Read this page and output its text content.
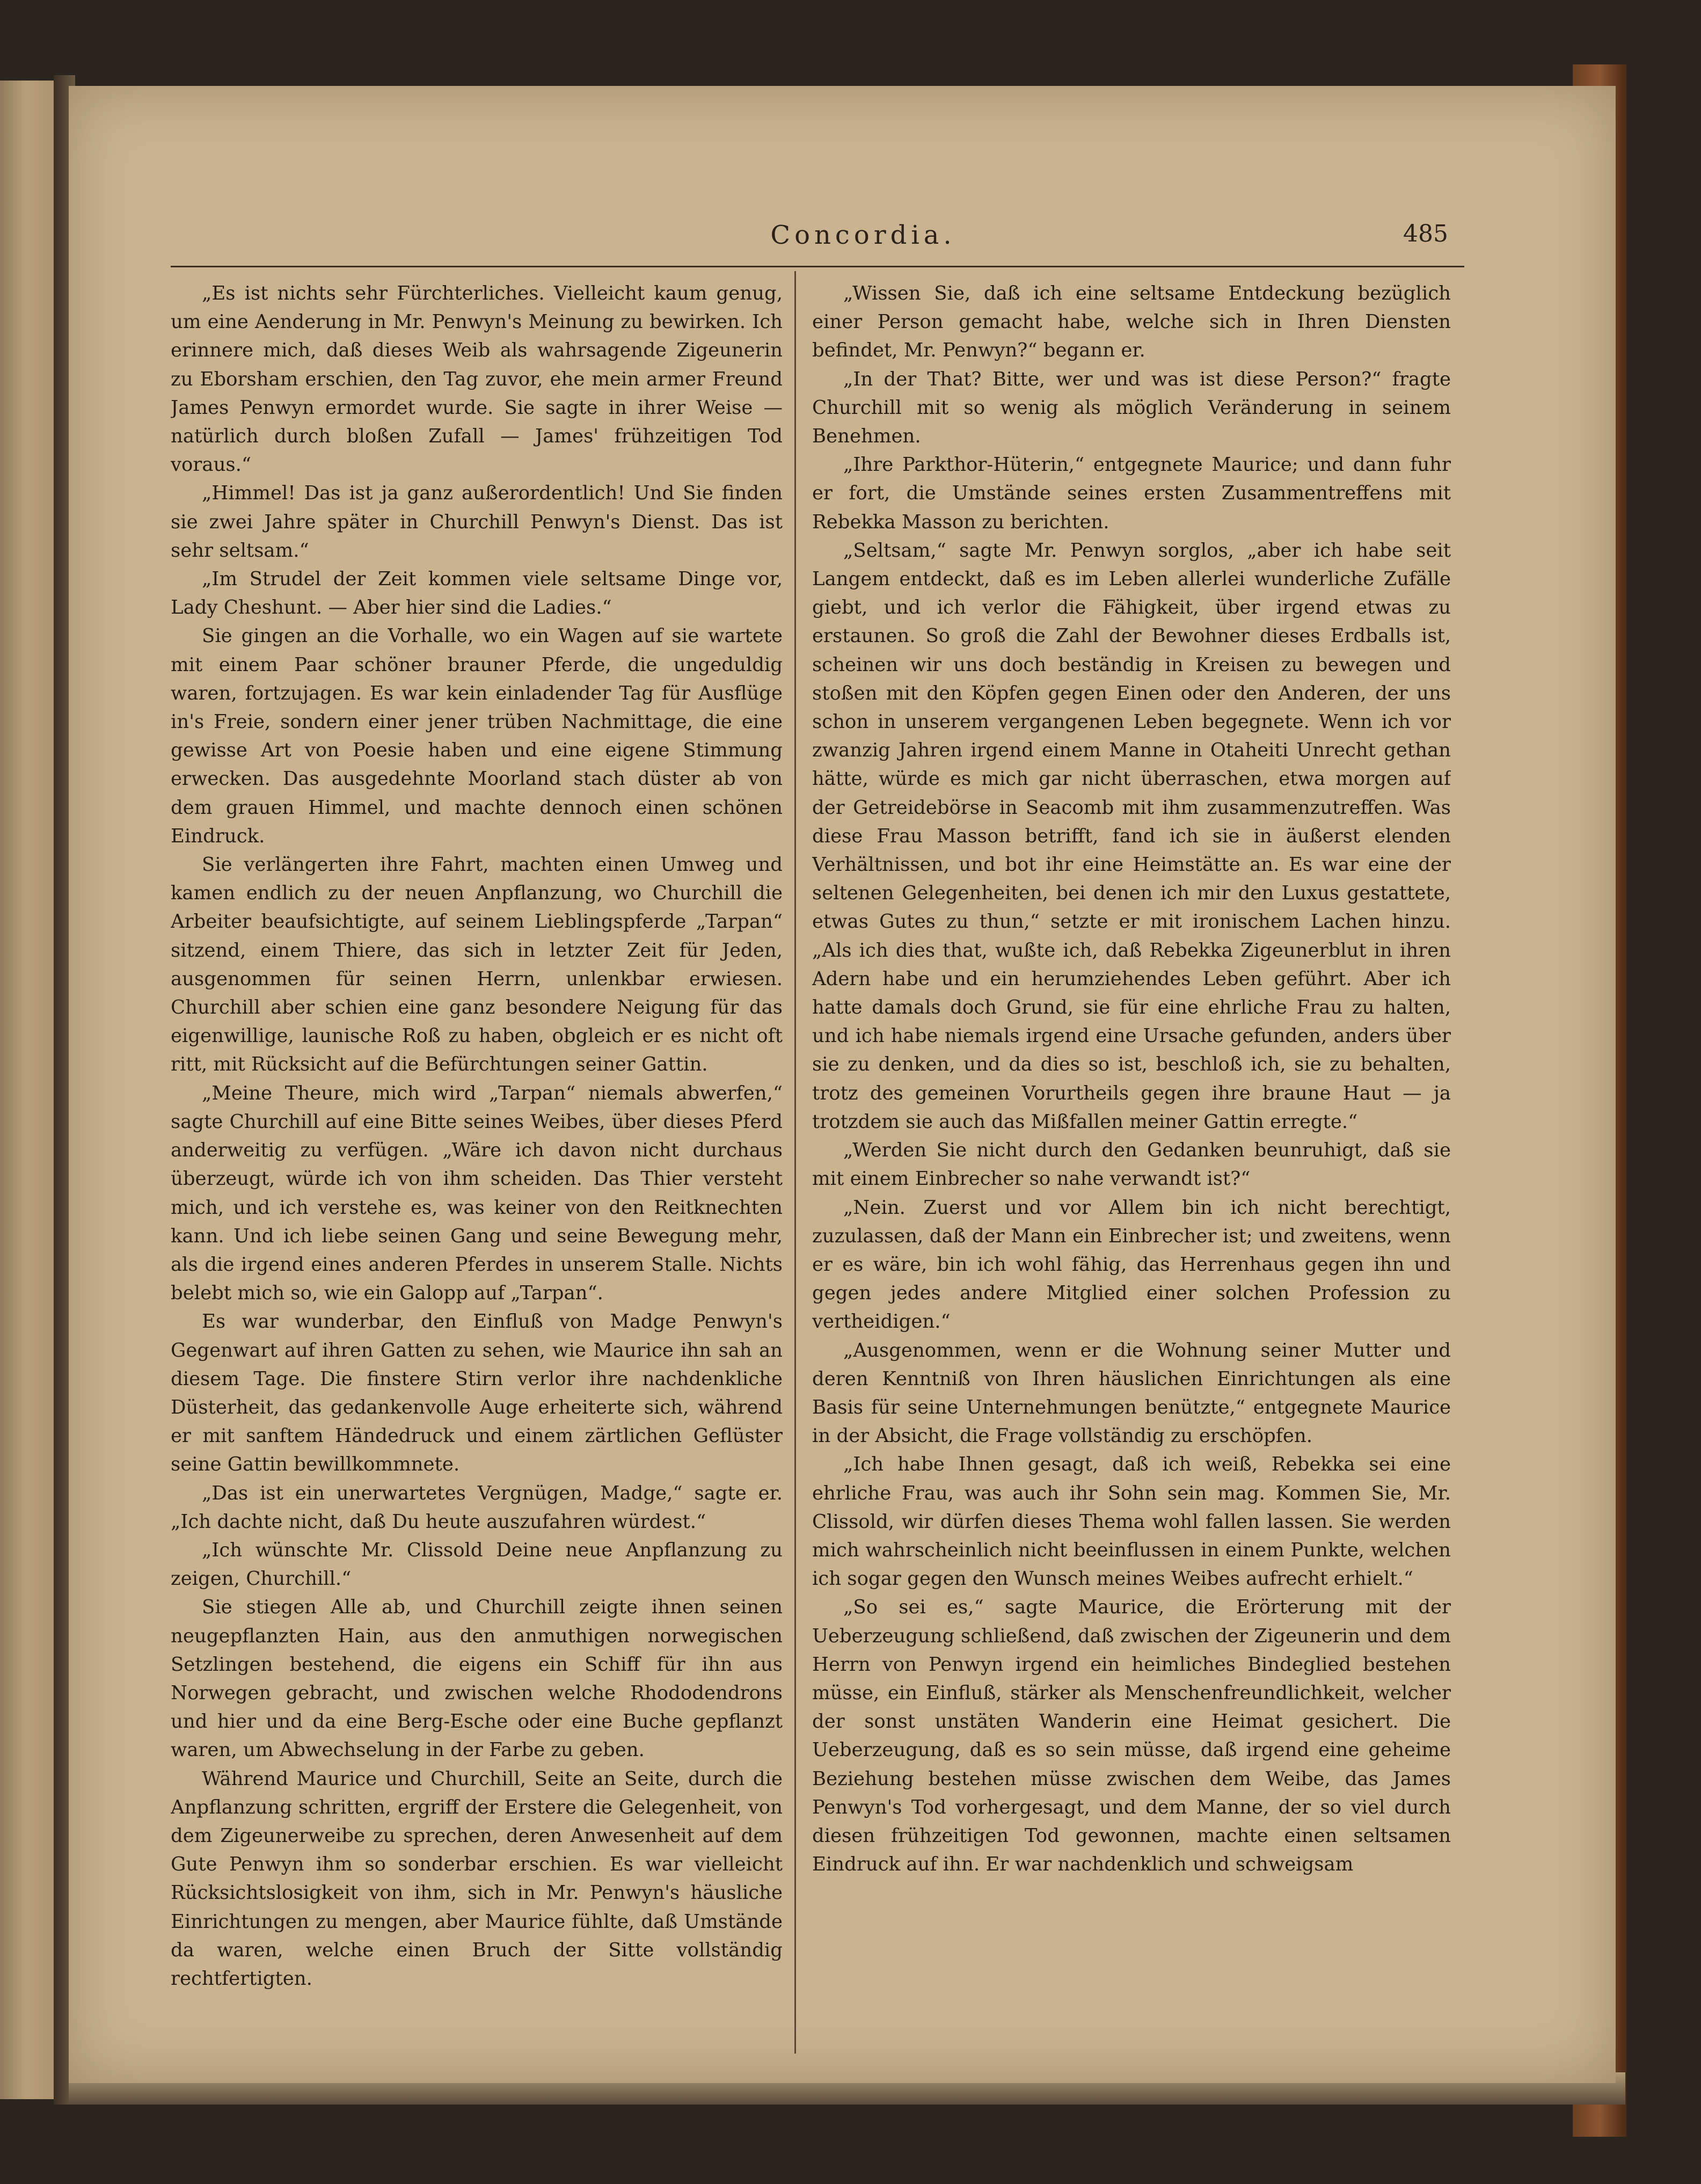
Concordia.	485

„Es ist nichts sehr Fürchterliches. Vielleicht kaum genug, um eine Aenderung in Mr. Penwyn's Meinung zu bewirken. Ich erinnere mich, daß dieses Weib als wahrsagende Zigeunerin zu Eborsham erschien, den Tag zuvor, ehe mein armer Freund James Penwyn ermordet wurde. Sie sagte in ihrer Weise — natürlich durch bloßen Zufall — James' frühzeitigen Tod voraus.“

„Himmel! Das ist ja ganz außerordentlich! Und Sie finden sie zwei Jahre später in Churchill Penwyn's Dienst. Das ist sehr seltsam.“

„Im Strudel der Zeit kommen viele seltsame Dinge vor, Lady Cheshunt. — Aber hier sind die Ladies.“

Sie gingen an die Vorhalle, wo ein Wagen auf sie wartete mit einem Paar schöner brauner Pferde, die ungeduldig waren, fortzujagen. Es war kein einladender Tag für Ausflüge in's Freie, sondern einer jener trüben Nachmittage, die eine gewisse Art von Poesie haben und eine eigene Stimmung erwecken. Das ausgedehnte Moorland stach düster ab von dem grauen Himmel, und machte dennoch einen schönen Eindruck.

Sie verlängerten ihre Fahrt, machten einen Umweg und kamen endlich zu der neuen Anpflanzung, wo Churchill die Arbeiter beaufsichtigte, auf seinem Lieblingspferde „Tarpan“ sitzend, einem Thiere, das sich in letzter Zeit für Jeden, ausgenommen für seinen Herrn, unlenkbar erwiesen. Churchill aber schien eine ganz besondere Neigung für das eigenwillige, launische Roß zu haben, obgleich er es nicht oft ritt, mit Rücksicht auf die Befürchtungen seiner Gattin.

„Meine Theure, mich wird „Tarpan“ niemals abwerfen,“ sagte Churchill auf eine Bitte seines Weibes, über dieses Pferd anderweitig zu verfügen. „Wäre ich davon nicht durchaus überzeugt, würde ich von ihm scheiden. Das Thier versteht mich, und ich verstehe es, was keiner von den Reitknechten kann. Und ich liebe seinen Gang und seine Bewegung mehr, als die irgend eines anderen Pferdes in unserem Stalle. Nichts belebt mich so, wie ein Galopp auf „Tarpan“.

Es war wunderbar, den Einfluß von Madge Penwyn's Gegenwart auf ihren Gatten zu sehen, wie Maurice ihn sah an diesem Tage. Die finstere Stirn verlor ihre nachdenkliche Düsterheit, das gedankenvolle Auge erheiterte sich, während er mit sanftem Händedruck und einem zärtlichen Geflüster seine Gattin bewillkommnete.

„Das ist ein unerwartetes Vergnügen, Madge,“ sagte er. „Ich dachte nicht, daß Du heute auszufahren würdest.“

„Ich wünschte Mr. Clissold Deine neue Anpflanzung zu zeigen, Churchill.“

Sie stiegen Alle ab, und Churchill zeigte ihnen seinen neugepflanzten Hain, aus den anmuthigen norwegischen Setzlingen bestehend, die eigens ein Schiff für ihn aus Norwegen gebracht, und zwischen welche Rhododendrons und hier und da eine Berg-Esche oder eine Buche gepflanzt waren, um Abwechselung in der Farbe zu geben.

Während Maurice und Churchill, Seite an Seite, durch die Anpflanzung schritten, ergriff der Erstere die Gelegenheit, von dem Zigeunerweibe zu sprechen, deren Anwesenheit auf dem Gute Penwyn ihm so sonderbar erschien. Es war vielleicht Rücksichtslosigkeit von ihm, sich in Mr. Penwyn's häusliche Einrichtungen zu mengen, aber Maurice fühlte, daß Umstände da waren, welche einen Bruch der Sitte vollständig rechtfertigten.

„Wissen Sie, daß ich eine seltsame Entdeckung bezüglich einer Person gemacht habe, welche sich in Ihren Diensten befindet, Mr. Penwyn?“ begann er.

„In der That? Bitte, wer und was ist diese Person?“ fragte Churchill mit so wenig als möglich Veränderung in seinem Benehmen.

„Ihre Parkthor-Hüterin,“ entgegnete Maurice; und dann fuhr er fort, die Umstände seines ersten Zusammentreffens mit Rebekka Masson zu berichten.

„Seltsam,“ sagte Mr. Penwyn sorglos, „aber ich habe seit Langem entdeckt, daß es im Leben allerlei wunderliche Zufälle giebt, und ich verlor die Fähigkeit, über irgend etwas zu erstaunen. So groß die Zahl der Bewohner dieses Erdballs ist, scheinen wir uns doch beständig in Kreisen zu bewegen und stoßen mit den Köpfen gegen Einen oder den Anderen, der uns schon in unserem vergangenen Leben begegnete. Wenn ich vor zwanzig Jahren irgend einem Manne in Otaheiti Unrecht gethan hätte, würde es mich gar nicht überraschen, etwa morgen auf der Getreidebörse in Seacomb mit ihm zusammenzutreffen. Was diese Frau Masson betrifft, fand ich sie in äußerst elenden Verhältnissen, und bot ihr eine Heimstätte an. Es war eine der seltenen Gelegenheiten, bei denen ich mir den Luxus gestattete, etwas Gutes zu thun,“ setzte er mit ironischem Lachen hinzu. „Als ich dies that, wußte ich, daß Rebekka Zigeunerblut in ihren Adern habe und ein herumziehendes Leben geführt. Aber ich hatte damals doch Grund, sie für eine ehrliche Frau zu halten, und ich habe niemals irgend eine Ursache gefunden, anders über sie zu denken, und da dies so ist, beschloß ich, sie zu behalten, trotz des gemeinen Vorurtheils gegen ihre braune Haut — ja trotzdem sie auch das Mißfallen meiner Gattin erregte.“

„Werden Sie nicht durch den Gedanken beunruhigt, daß sie mit einem Einbrecher so nahe verwandt ist?“

„Nein. Zuerst und vor Allem bin ich nicht berechtigt, zuzulassen, daß der Mann ein Einbrecher ist; und zweitens, wenn er es wäre, bin ich wohl fähig, das Herrenhaus gegen ihn und gegen jedes andere Mitglied einer solchen Profession zu vertheidigen.“

„Ausgenommen, wenn er die Wohnung seiner Mutter und deren Kenntniß von Ihren häuslichen Einrichtungen als eine Basis für seine Unternehmungen benützte,“ entgegnete Maurice in der Absicht, die Frage vollständig zu erschöpfen.

„Ich habe Ihnen gesagt, daß ich weiß, Rebekka sei eine ehrliche Frau, was auch ihr Sohn sein mag. Kommen Sie, Mr. Clissold, wir dürfen dieses Thema wohl fallen lassen. Sie werden mich wahrscheinlich nicht beeinflussen in einem Punkte, welchen ich sogar gegen den Wunsch meines Weibes aufrecht erhielt.“

„So sei es,“ sagte Maurice, die Erörterung mit der Ueberzeugung schließend, daß zwischen der Zigeunerin und dem Herrn von Penwyn irgend ein heimliches Bindeglied bestehen müsse, ein Einfluß, stärker als Menschenfreundlichkeit, welcher der sonst unstäten Wanderin eine Heimat gesichert. Die Ueberzeugung, daß es so sein müsse, daß irgend eine geheime Beziehung bestehen müsse zwischen dem Weibe, das James Penwyn's Tod vorhergesagt, und dem Manne, der so viel durch diesen frühzeitigen Tod gewonnen, machte einen seltsamen Eindruck auf ihn. Er war nachdenklich und schweigsam
